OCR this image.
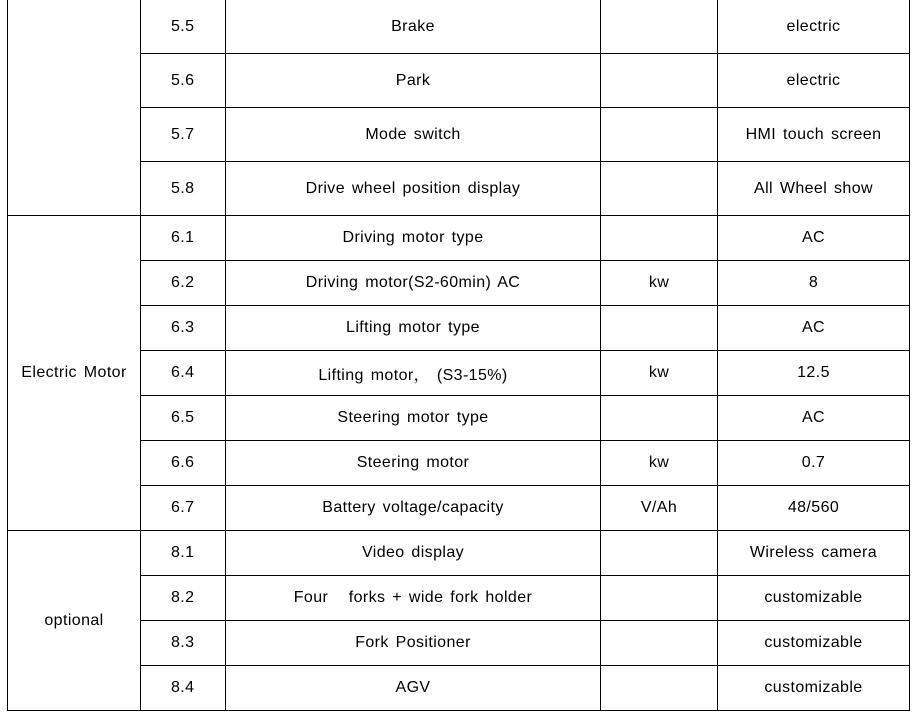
	5.5	Brake		electric
	5.6	Park		electric
	5.7	Mode switch		HMI touch screen
	5.8	Drive wheel position display		All Wheel show
Electric Motor	6.1	Driving motor type		AC
	6.2	Driving motor(S2-60min) AC	kw	8
	6.3	Lifting motor type		AC
	6.4	Lifting motor， (S3-15%)	kw	12.5
	6.5	Steering motor type		AC
	6.6	Steering motor	kw	0.7
	6.7	Battery voltage/capacity	V/Ah	48/560
optional	8.1	Video display		Wireless camera
	8.2	Four   forks + wide fork holder		customizable
	8.3	Fork Positioner		customizable
	8.4	AGV		customizable
